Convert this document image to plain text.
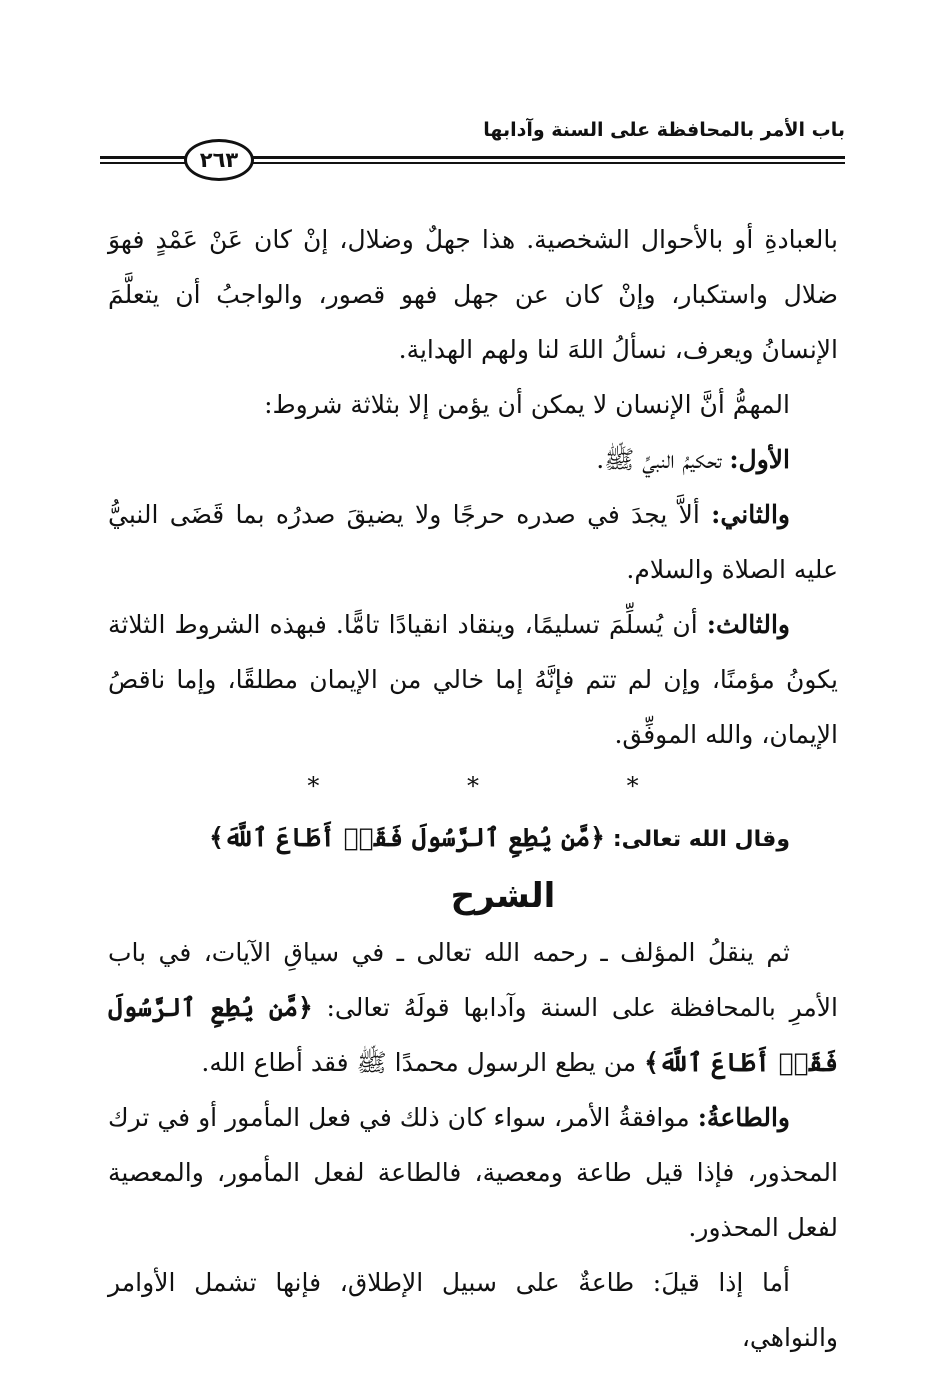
باب الأمر بالمحافظة على السنة وآدابها
٢٦٣

بالعبادةِ أو بالأحوال الشخصية. هذا جهلٌ وضلال، إنْ كان عَنْ عَمْدٍ فهوَ ضلال واستكبار، وإنْ كان عن جهل فهو قصور، والواجبُ أن يتعلَّمَ الإنسانُ ويعرف، نسألُ اللهَ لنا ولهم الهداية.

المهمُّ أنَّ الإنسان لا يمكن أن يؤمن إلا بثلاثة شروط:

الأول: تحكيمُ النبيِّ ﷺ.

والثاني: ألاَّ يجدَ في صدره حرجًا ولا يضيقَ صدرُه بما قَضَى النبيُّ عليه الصلاة والسلام.

والثالث: أن يُسلِّمَ تسليمًا، وينقاد انقيادًا تامًّا. فبهذه الشروط الثلاثة يكونُ مؤمنًا، وإن لم تتم فإنَّهُ إما خالي من الإيمان مطلقًا، وإما ناقصُ الإيمان، والله الموفِّق.

* * *

وقال الله تعالى: ﴿مَّن يُطِعِ ٱلرَّسُولَ فَقَدۡ أَطَاعَ ٱللَّهَ﴾

الشرح

ثم ينقلُ المؤلف ـ رحمه الله تعالى ـ في سياقِ الآيات، في باب الأمرِ بالمحافظة على السنة وآدابها قولَهُ تعالى: ﴿مَّن يُطِعِ ٱلرَّسُولَ فَقَدۡ أَطَاعَ ٱللَّهَ﴾ من يطع الرسول محمدًا ﷺ فقد أطاع الله.

والطاعةُ: موافقةُ الأمر، سواء كان ذلك في فعل المأمور أو في ترك المحذور، فإذا قيل طاعة ومعصية، فالطاعة لفعل المأمور، والمعصية لفعل المحذور.

أما إذا قيلَ: طاعةٌ على سبيل الإطلاق، فإنها تشمل الأوامر والنواهي،
